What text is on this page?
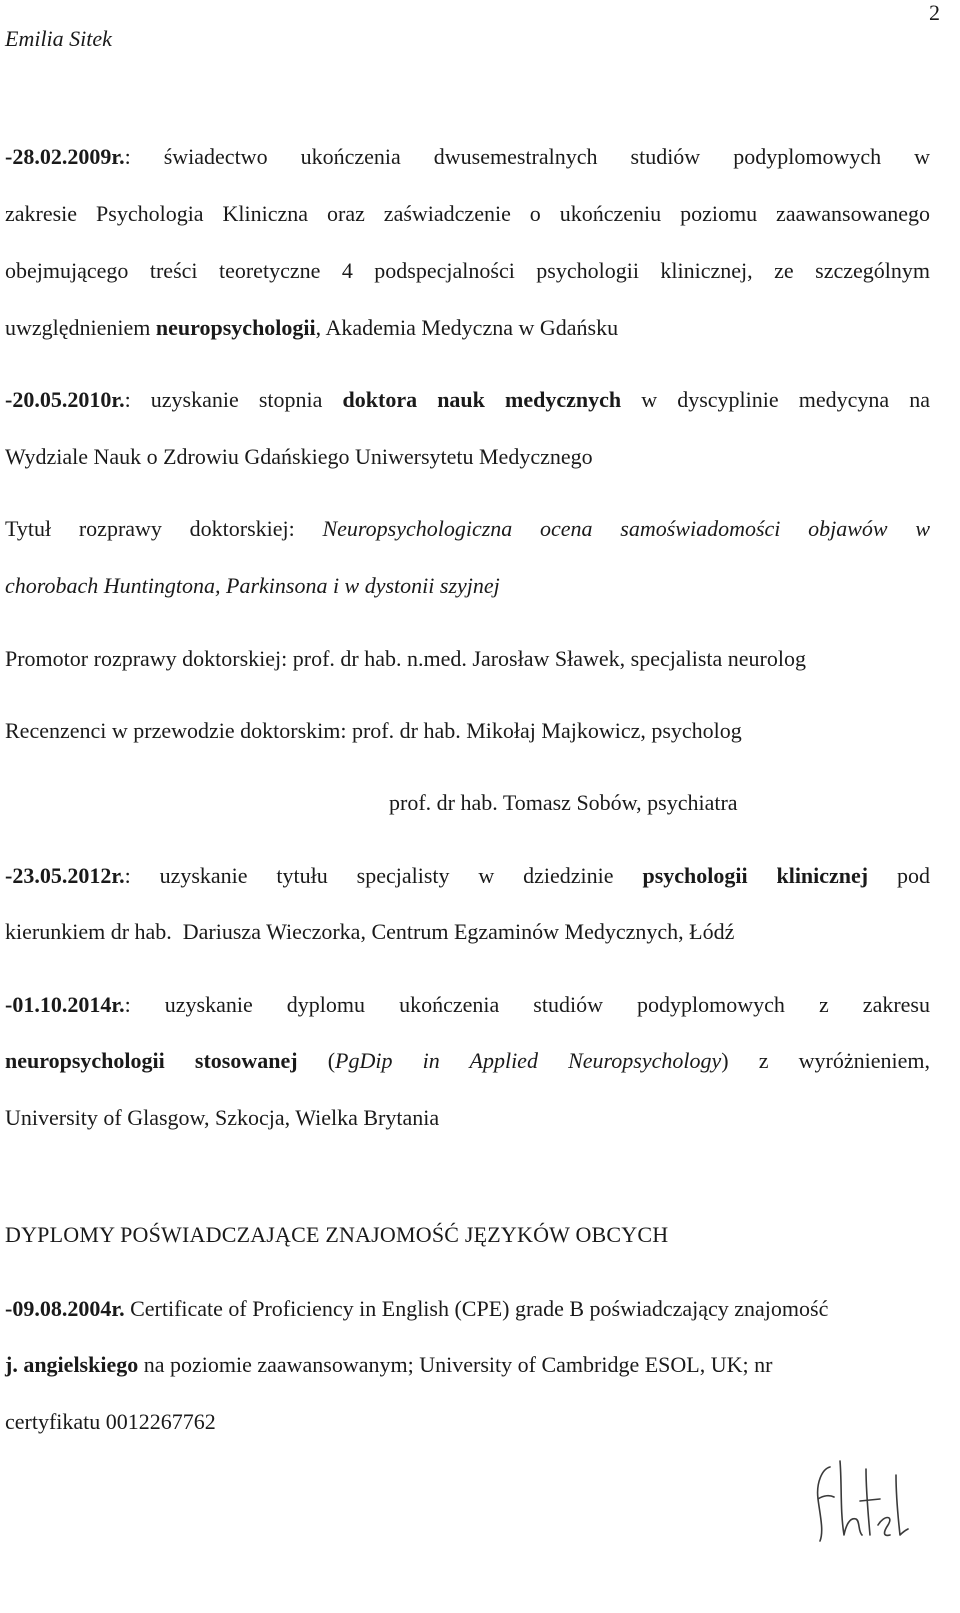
Emilia Sitek
2
-28.02.2009r.: świadectwo ukończenia dwusemestralnych studiów podyplomowych w
zakresie Psychologia Kliniczna oraz zaświadczenie o ukończeniu poziomu zaawansowanego
obejmującego treści teoretyczne 4 podspecjalności psychologii klinicznej, ze szczególnym
uwzględnieniem neuropsychologii, Akademia Medyczna w Gdańsku
-20.05.2010r.: uzyskanie stopnia doktora nauk medycznych w dyscyplinie medycyna na
Wydziale Nauk o Zdrowiu Gdańskiego Uniwersytetu Medycznego
Tytuł rozprawy doktorskiej: Neuropsychologiczna ocena samoświadomości objawów w
chorobach Huntingtona, Parkinsona i w dystonii szyjnej
Promotor rozprawy doktorskiej: prof. dr hab. n.med. Jarosław Sławek, specjalista neurolog
Recenzenci w przewodzie doktorskim: prof. dr hab. Mikołaj Majkowicz, psycholog
prof. dr hab. Tomasz Sobów, psychiatra
-23.05.2012r.: uzyskanie tytułu specjalisty w dziedzinie psychologii klinicznej pod
kierunkiem dr hab.  Dariusza Wieczorka, Centrum Egzaminów Medycznych, Łódź
-01.10.2014r.: uzyskanie dyplomu ukończenia studiów podyplomowych z zakresu
neuropsychologii stosowanej (PgDip in Applied Neuropsychology) z wyróżnieniem,
University of Glasgow, Szkocja, Wielka Brytania
DYPLOMY POŚWIADCZAJĄCE ZNAJOMOŚĆ JĘZYKÓW OBCYCH
-09.08.2004r. Certificate of Proficiency in English (CPE) grade B poświadczający znajomość
j. angielskiego na poziomie zaawansowanym; University of Cambridge ESOL, UK; nr
certyfikatu 0012267762
